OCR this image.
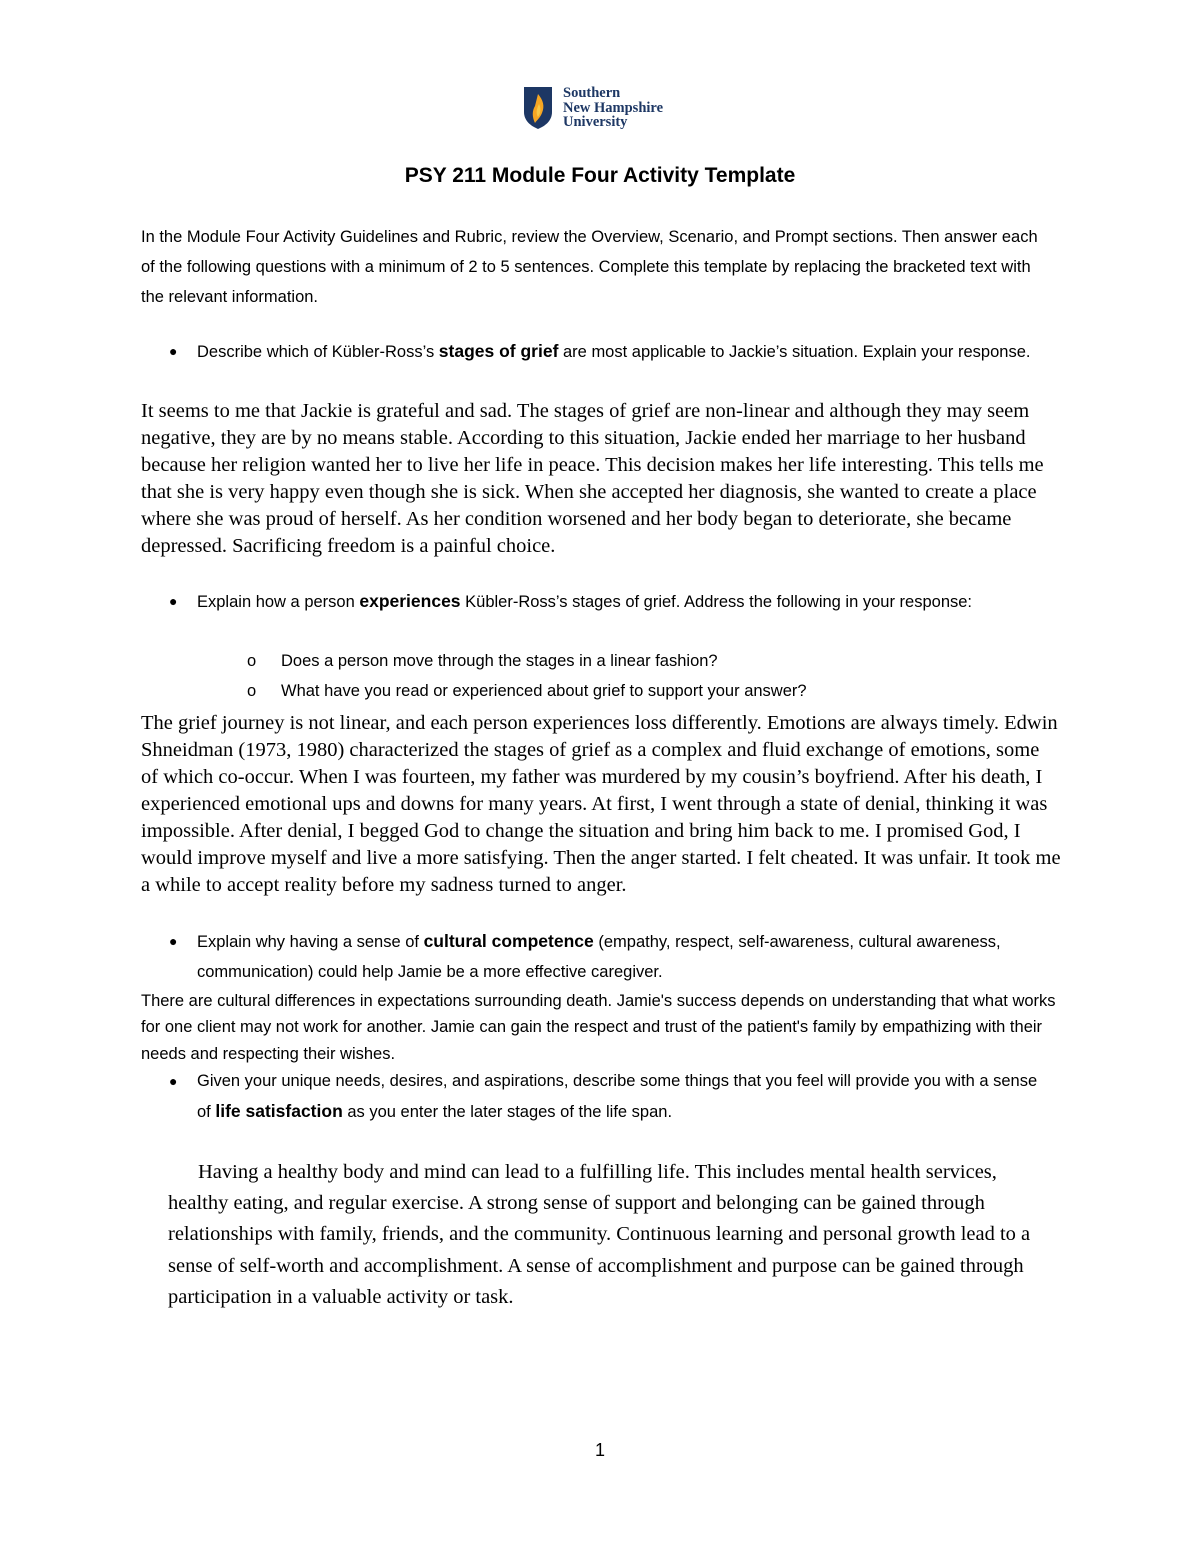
Southern
New Hampshire
University
PSY 211 Module Four Activity Template
In the Module Four Activity Guidelines and Rubric, review the Overview, Scenario, and Prompt sections. Then answer each of the following questions with a minimum of 2 to 5 sentences. Complete this template by replacing the bracketed text with the relevant information.
● Describe which of Kübler-Ross’s stages of grief are most applicable to Jackie’s situation. Explain your response.
It seems to me that Jackie is grateful and sad. The stages of grief are non-linear and although they may seem negative, they are by no means stable. According to this situation, Jackie ended her marriage to her husband because her religion wanted her to live her life in peace. This decision makes her life interesting. This tells me that she is very happy even though she is sick. When she accepted her diagnosis, she wanted to create a place where she was proud of herself. As her condition worsened and her body began to deteriorate, she became depressed. Sacrificing freedom is a painful choice.
● Explain how a person experiences Kübler-Ross’s stages of grief. Address the following in your response:
o Does a person move through the stages in a linear fashion?
o What have you read or experienced about grief to support your answer?
The grief journey is not linear, and each person experiences loss differently. Emotions are always timely. Edwin Shneidman (1973, 1980) characterized the stages of grief as a complex and fluid exchange of emotions, some of which co-occur. When I was fourteen, my father was murdered by my cousin’s boyfriend. After his death, I experienced emotional ups and downs for many years. At first, I went through a state of denial, thinking it was impossible. After denial, I begged God to change the situation and bring him back to me. I promised God, I would improve myself and live a more satisfying. Then the anger started. I felt cheated. It was unfair. It took me a while to accept reality before my sadness turned to anger.
● Explain why having a sense of cultural competence (empathy, respect, self-awareness, cultural awareness, communication) could help Jamie be a more effective caregiver.
There are cultural differences in expectations surrounding death. Jamie's success depends on understanding that what works for one client may not work for another. Jamie can gain the respect and trust of the patient's family by empathizing with their needs and respecting their wishes.
● Given your unique needs, desires, and aspirations, describe some things that you feel will provide you with a sense of life satisfaction as you enter the later stages of the life span.
Having a healthy body and mind can lead to a fulfilling life. This includes mental health services, healthy eating, and regular exercise. A strong sense of support and belonging can be gained through relationships with family, friends, and the community. Continuous learning and personal growth lead to a sense of self-worth and accomplishment. A sense of accomplishment and purpose can be gained through participation in a valuable activity or task.
1
